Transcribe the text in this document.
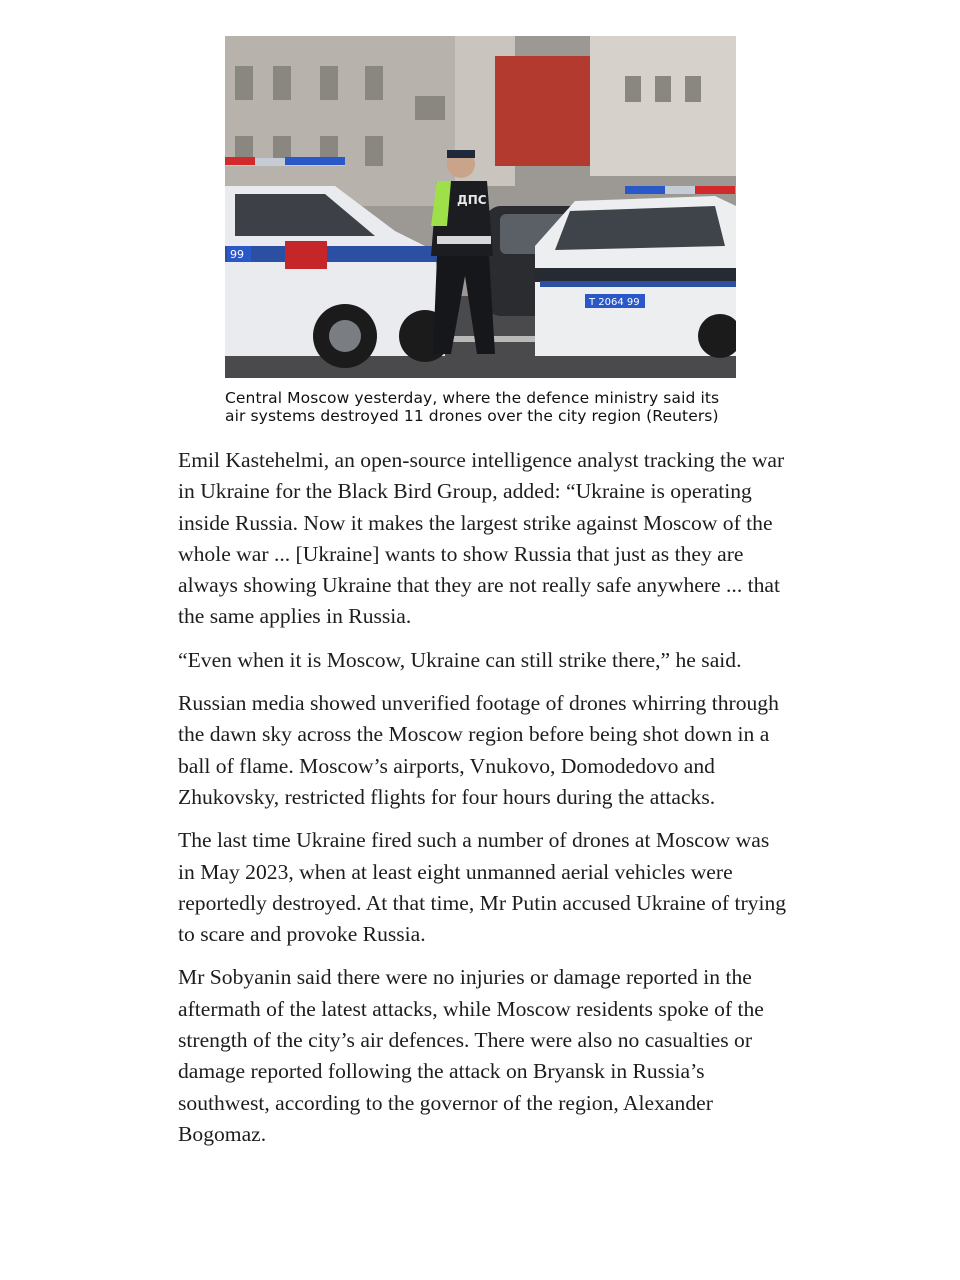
99
T 2064 99
ДПС
Central Moscow yesterday, where the defence ministry said its air systems destroyed 11 drones over the city region (Reuters)

Emil Kastehelmi, an open-source intelligence analyst tracking the war in Ukraine for the Black Bird Group, added: “Ukraine is operating inside Russia. Now it makes the largest strike against Moscow of the whole war ... [Ukraine] wants to show Russia that just as they are always showing Ukraine that they are not really safe anywhere ... that the same applies in Russia.

“Even when it is Moscow, Ukraine can still strike there,” he said.

Russian media showed unverified footage of drones whirring through the dawn sky across the Moscow region before being shot down in a ball of flame. Moscow’s airports, Vnukovo, Domodedovo and Zhukovsky, restricted flights for four hours during the attacks.

The last time Ukraine fired such a number of drones at Moscow was in May 2023, when at least eight unmanned aerial vehicles were reportedly destroyed. At that time, Mr Putin accused Ukraine of trying to scare and provoke Russia.

Mr Sobyanin said there were no injuries or damage reported in the aftermath of the latest attacks, while Moscow residents spoke of the strength of the city’s air defences. There were also no casualties or damage reported following the attack on Bryansk in Russia’s southwest, according to the governor of the region, Alexander Bogomaz.
